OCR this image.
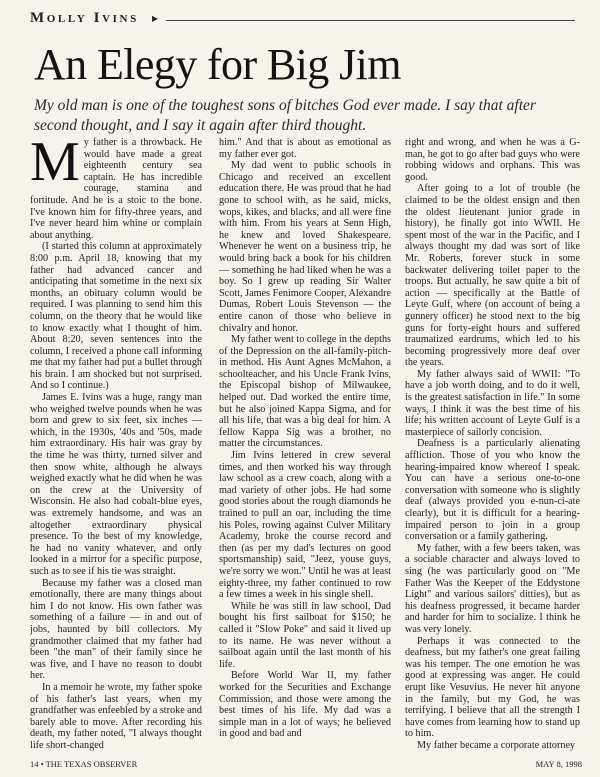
Molly Ivins ▸
An Elegy for Big Jim
My old man is one of the toughest sons of bitches God ever made. I say that after second thought, and I say it again after third thought.

My father is a throwback. He would have made a great eighteenth century sea captain. He has incredible courage, stamina and fortitude. And he is a stoic to the bone. I've known him for fifty-three years, and I've never heard him whine or complain about anything.

(I started this column at approximately 8:00 p.m. April 18, knowing that my father had advanced cancer and anticipating that sometime in the next six months, an obituary column would be required. I was planning to send him this column, on the theory that he would like to know exactly what I thought of him. About 8:20, seven sentences into the column, I received a phone call informing me that my father had put a bullet through his brain. I am shocked but not surprised. And so I continue.)

James E. Ivins was a huge, rangy man who weighed twelve pounds when he was born and grew to six feet, six inches — which, in the 1930s, '40s and '50s, made him extraordinary. His hair was gray by the time he was thirty, turned silver and then snow white, although he always weighed exactly what he did when he was on the crew at the University of Wisconsin. He also had cobalt-blue eyes, was extremely handsome, and was an altogether extraordinary physical presence. To the best of my knowledge, he had no vanity whatever, and only looked in a mirror for a specific purpose, such as to see if his tie was straight.

Because my father was a closed man emotionally, there are many things about him I do not know. His own father was something of a failure — in and out of jobs, haunted by bill collectors. My grandmother claimed that my father had been "the man" of their family since he was five, and I have no reason to doubt her.

In a memoir he wrote, my father spoke of his father's last years, when my grandfather was enfeebled by a stroke and barely able to move. After recording his death, my father noted, "I always thought life short-changed

him." And that is about as emotional as my father ever got.

My dad went to public schools in Chicago and received an excellent education there. He was proud that he had gone to school with, as he said, micks, wops, kikes, and blacks, and all were fine with him. From his years at Senn High, he knew and loved Shakespeare. Whenever he went on a business trip, he would bring back a book for his children — something he had liked when he was a boy. So I grew up reading Sir Walter Scott, James Fenimore Cooper, Alexandre Dumas, Robert Louis Stevenson — the entire canon of those who believe in chivalry and honor.

My father went to college in the depths of the Depression on the all-family-pitch-in method. His Aunt Agnes McMahon, a schoolteacher, and his Uncle Frank Ivins, the Episcopal bishop of Milwaukee, helped out. Dad worked the entire time, but he also joined Kappa Sigma, and for all his life, that was a big deal for him. A fellow Kappa Sig was a brother, no matter the circumstances.

Jim Ivins lettered in crew several times, and then worked his way through law school as a crew coach, along with a mad variety of other jobs. He had some good stories about the rough diamonds he trained to pull an oar, including the time his Poles, rowing against Culver Military Academy, broke the course record and then (as per my dad's lectures on good sportsmanship) said, "Jeez, youse guys, we're sorry we won." Until he was at least eighty-three, my father continued to row a few times a week in his single shell.

While he was still in law school, Dad bought his first sailboat for $150; he called it "Slow Poke" and said it lived up to its name. He was never without a sailboat again until the last month of his life.

Before World War II, my father worked for the Securities and Exchange Commission, and those were among the best times of his life. My dad was a simple man in a lot of ways; he believed in good and bad and

right and wrong, and when he was a G-man, he got to go after bad guys who were robbing widows and orphans. This was good.

After going to a lot of trouble (he claimed to be the oldest ensign and then the oldest lieutenant junior grade in history), he finally got into WWII. He spent most of the war in the Pacific, and I always thought my dad was sort of like Mr. Roberts, forever stuck in some backwater delivering toilet paper to the troops. But actually, he saw quite a bit of action — specifically at the Battle of Leyte Gulf, where (on account of being a gunnery officer) he stood next to the big guns for forty-eight hours and suffered traumatized eardrums, which led to his becoming progressively more deaf over the years.

My father always said of WWII: "To have a job worth doing, and to do it well, is the greatest satisfaction in life." In some ways, I think it was the best time of his life; his written account of Leyte Gulf is a masterpiece of sailorly concision.

Deafness is a particularly alienating affliction. Those of you who know the hearing-impaired know whereof I speak. You can have a serious one-to-one conversation with someone who is slightly deaf (always provided you e-nun-ci-ate clearly), but it is difficult for a hearing-impaired person to join in a group conversation or a family gathering.

My father, with a few beers taken, was a sociable character and always loved to sing (he was particularly good on "Me Father Was the Keeper of the Eddystone Light" and various sailors' ditties), but as his deafness progressed, it became harder and harder for him to socialize. I think he was very lonely.

Perhaps it was connected to the deafness, but my father's one great failing was his temper. The one emotion he was good at expressing was anger. He could erupt like Vesuvius. He never hit anyone in the family, but my God, he was terrifying. I believe that all the strength I have comes from learning how to stand up to him.

My father became a corporate attorney

14 • THE TEXAS OBSERVER	MAY 8, 1998
